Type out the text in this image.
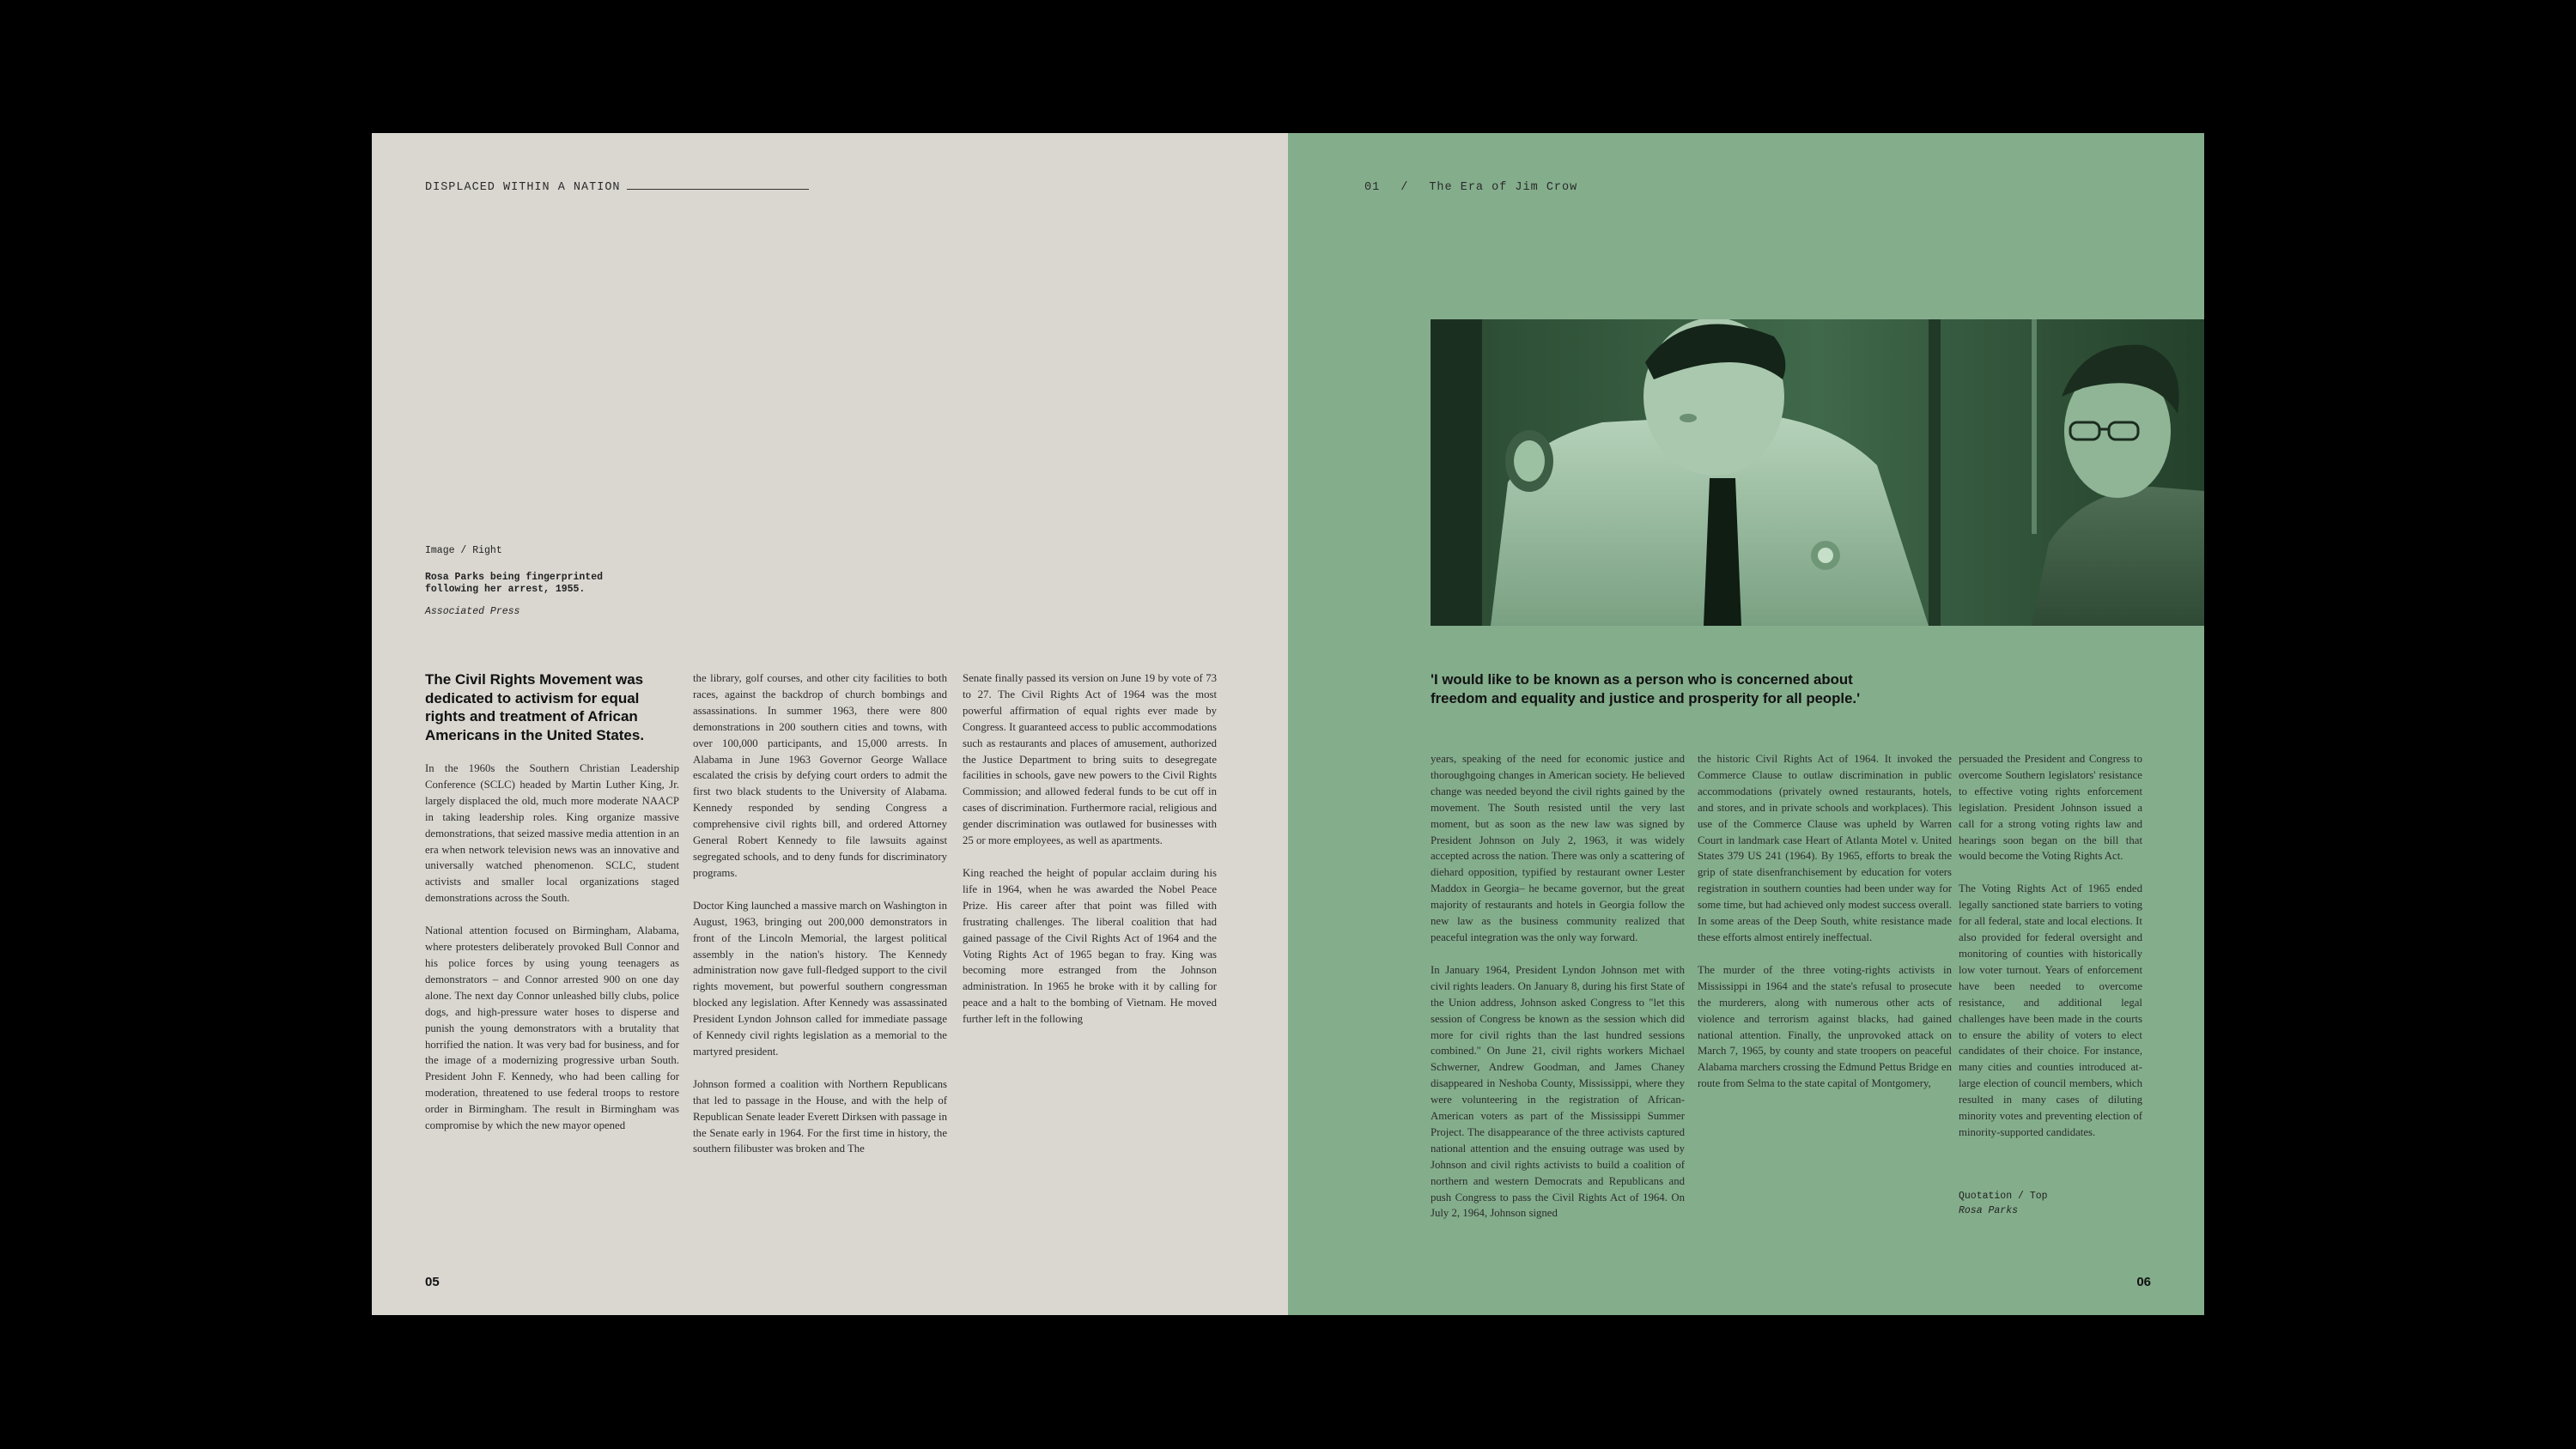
DISPLACED WITHIN A NATION
Image / Right
Rosa Parks being fingerprinted following her arrest, 1955.
Associated Press

The Civil Rights Movement was dedicated to activism for equal rights and treatment of African Americans in the United States.

In the 1960s the Southern Christian Leadership Conference (SCLC) headed by Martin Luther King, Jr. largely displaced the old, much more moderate NAACP in taking leadership roles. King organize massive demonstrations, that seized massive media attention in an era when network television news was an innovative and universally watched phenomenon. SCLC, student activists and smaller local organizations staged demonstrations across the South.

National attention focused on Birmingham, Alabama, where protesters deliberately provoked Bull Connor and his police forces by using young teenagers as demonstrators – and Connor arrested 900 on one day alone. The next day Connor unleashed billy clubs, police dogs, and high-pressure water hoses to disperse and punish the young demonstrators with a brutality that horrified the nation. It was very bad for business, and for the image of a modernizing progressive urban South. President John F. Kennedy, who had been calling for moderation, threatened to use federal troops to restore order in Birmingham. The result in Birmingham was compromise by which the new mayor opened

the library, golf courses, and other city facilities to both races, against the backdrop of church bombings and assassinations. In summer 1963, there were 800 demonstrations in 200 southern cities and towns, with over 100,000 participants, and 15,000 arrests. In Alabama in June 1963 Governor George Wallace escalated the crisis by defying court orders to admit the first two black students to the University of Alabama. Kennedy responded by sending Congress a comprehensive civil rights bill, and ordered Attorney General Robert Kennedy to file lawsuits against segregated schools, and to deny funds for discriminatory programs.

Doctor King launched a massive march on Washington in August, 1963, bringing out 200,000 demonstrators in front of the Lincoln Memorial, the largest political assembly in the nation's history. The Kennedy administration now gave full-fledged support to the civil rights movement, but powerful southern congressman blocked any legislation. After Kennedy was assassinated President Lyndon Johnson called for immediate passage of Kennedy civil rights legislation as a memorial to the martyred president.

Johnson formed a coalition with Northern Republicans that led to passage in the House, and with the help of Republican Senate leader Everett Dirksen with passage in the Senate early in 1964. For the first time in history, the southern filibuster was broken and The

Senate finally passed its version on June 19 by vote of 73 to 27. The Civil Rights Act of 1964 was the most powerful affirmation of equal rights ever made by Congress. It guaranteed access to public accommodations such as restaurants and places of amusement, authorized the Justice Department to bring suits to desegregate facilities in schools, gave new powers to the Civil Rights Commission; and allowed federal funds to be cut off in cases of discrimination. Furthermore racial, religious and gender discrimination was outlawed for businesses with 25 or more employees, as well as apartments.

King reached the height of popular acclaim during his life in 1964, when he was awarded the Nobel Peace Prize. His career after that point was filled with frustrating challenges. The liberal coalition that had gained passage of the Civil Rights Act of 1964 and the Voting Rights Act of 1965 began to fray. King was becoming more estranged from the Johnson administration. In 1965 he broke with it by calling for peace and a halt to the bombing of Vietnam. He moved further left in the following

05
01 / The Era of Jim Crow
'I would like to be known as a person who is concerned about freedom and equality and justice and prosperity for all people.'

years, speaking of the need for economic justice and thoroughgoing changes in American society. He believed change was needed beyond the civil rights gained by the movement. The South resisted until the very last moment, but as soon as the new law was signed by President Johnson on July 2, 1963, it was widely accepted across the nation. There was only a scattering of diehard opposition, typified by restaurant owner Lester Maddox in Georgia– he became governor, but the great majority of restaurants and hotels in Georgia follow the new law as the business community realized that peaceful integration was the only way forward.

In January 1964, President Lyndon Johnson met with civil rights leaders. On January 8, during his first State of the Union address, Johnson asked Congress to "let this session of Congress be known as the session which did more for civil rights than the last hundred sessions combined." On June 21, civil rights workers Michael Schwerner, Andrew Goodman, and James Chaney disappeared in Neshoba County, Mississippi, where they were volunteering in the registration of African-American voters as part of the Mississippi Summer Project. The disappearance of the three activists captured national attention and the ensuing outrage was used by Johnson and civil rights activists to build a coalition of northern and western Democrats and Republicans and push Congress to pass the Civil Rights Act of 1964. On July 2, 1964, Johnson signed

the historic Civil Rights Act of 1964. It invoked the Commerce Clause to outlaw discrimination in public accommodations (privately owned restaurants, hotels, and stores, and in private schools and workplaces). This use of the Commerce Clause was upheld by Warren Court in landmark case Heart of Atlanta Motel v. United States 379 US 241 (1964). By 1965, efforts to break the grip of state disenfranchisement by education for voters registration in southern counties had been under way for some time, but had achieved only modest success overall. In some areas of the Deep South, white resistance made these efforts almost entirely ineffectual.

The murder of the three voting-rights activists in Mississippi in 1964 and the state's refusal to prosecute the murderers, along with numerous other acts of violence and terrorism against blacks, had gained national attention. Finally, the unprovoked attack on March 7, 1965, by county and state troopers on peaceful Alabama marchers crossing the Edmund Pettus Bridge en route from Selma to the state capital of Montgomery,

persuaded the President and Congress to overcome Southern legislators' resistance to effective voting rights enforcement legislation. President Johnson issued a call for a strong voting rights law and hearings soon began on the bill that would become the Voting Rights Act.

The Voting Rights Act of 1965 ended legally sanctioned state barriers to voting for all federal, state and local elections. It also provided for federal oversight and monitoring of counties with historically low voter turnout. Years of enforcement have been needed to overcome resistance, and additional legal challenges have been made in the courts to ensure the ability of voters to elect candidates of their choice. For instance, many cities and counties introduced at-large election of council members, which resulted in many cases of diluting minority votes and preventing election of minority-supported candidates.

Quotation / Top
Rosa Parks
06
